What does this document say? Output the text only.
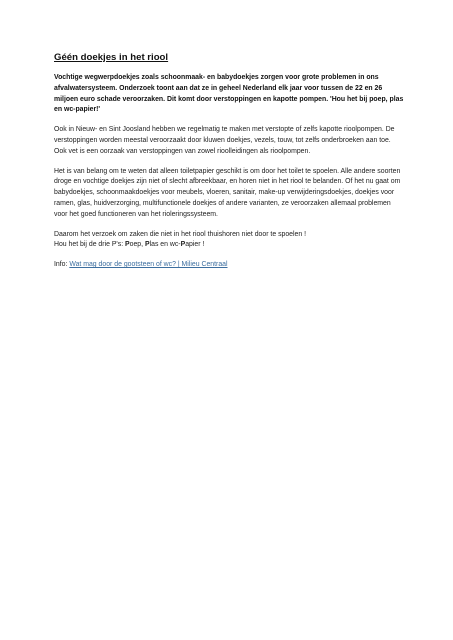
Géén doekjes in het riool

Vochtige wegwerpdoekjes zoals schoonmaak- en babydoekjes zorgen voor grote problemen in ons afvalwatersysteem. Onderzoek toont aan dat ze in geheel Nederland elk jaar voor tussen de 22 en 26 miljoen euro schade veroorzaken. Dit komt door verstoppingen en kapotte pompen. 'Hou het bij poep, plas en wc-papier!'

Ook in Nieuw- en Sint Joosland hebben we regelmatig te maken met verstopte of zelfs kapotte rioolpompen. De verstoppingen worden meestal veroorzaakt door kluwen doekjes, vezels, touw, tot zelfs onderbroeken aan toe. Ook vet is een oorzaak van verstoppingen van zowel rioolleidingen als rioolpompen.

Het is van belang om te weten dat alleen toiletpapier geschikt is om door het toilet te spoelen. Alle andere soorten droge en vochtige doekjes zijn niet of slecht afbreekbaar, en horen niet in het riool te belanden. Of het nu gaat om babydoekjes, schoonmaakdoekjes voor meubels, vloeren, sanitair, make-up verwijderingsdoekjes, doekjes voor ramen, glas, huidverzorging, multifunctionele doekjes of andere varianten, ze veroorzaken allemaal problemen voor het goed functioneren van het rioleringssysteem.

Daarom het verzoek om zaken die niet in het riool thuishoren niet door te spoelen !
Hou het bij de drie P's: Poep, Plas en wc-Papier !

Info: Wat mag door de gootsteen of wc? | Milieu Centraal
